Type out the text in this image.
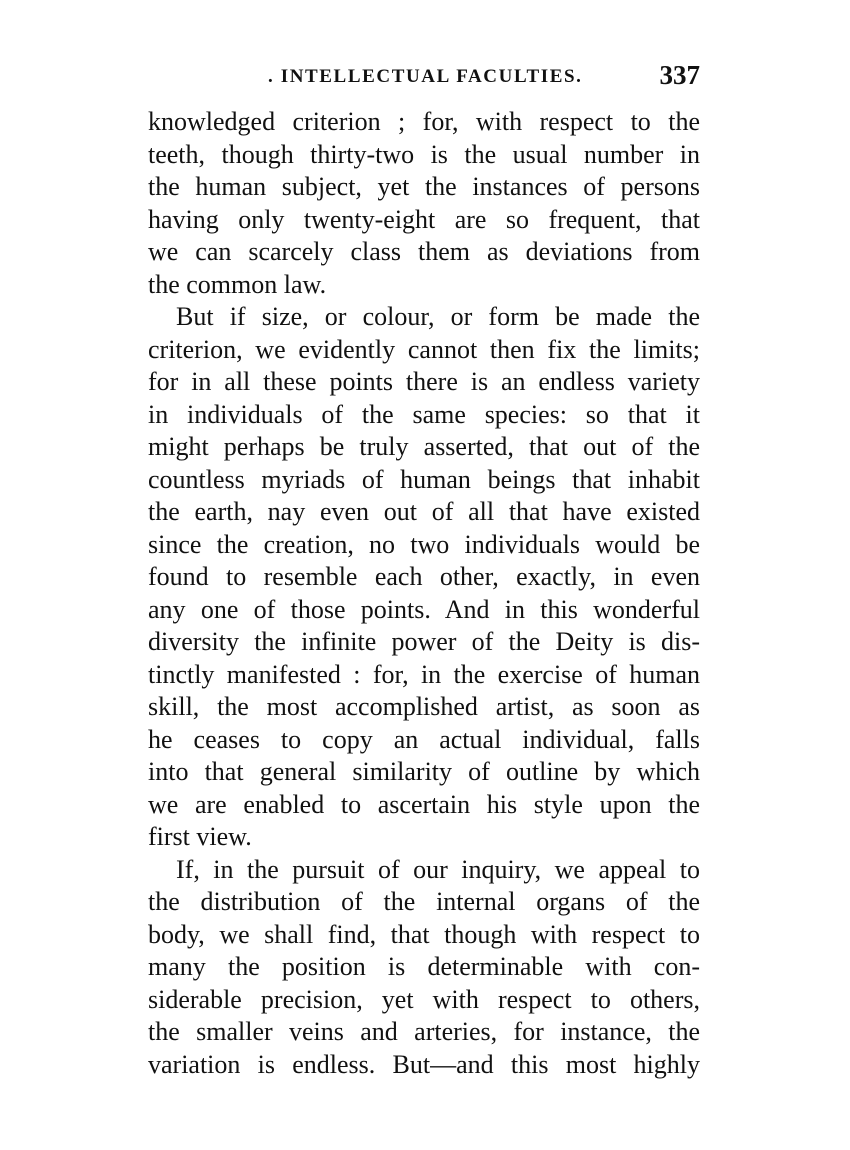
. INTELLECTUAL FACULTIES.	337
knowledged criterion ; for, with respect to the
teeth, though thirty-two is the usual number in
the human subject, yet the instances of persons
having only twenty-eight are so frequent, that
we can scarcely class them as deviations from
the common law.
But if size, or colour, or form be made the
criterion, we evidently cannot then fix the limits;
for in all these points there is an endless variety
in individuals of the same species: so that it
might perhaps be truly asserted, that out of the
countless myriads of human beings that inhabit
the earth, nay even out of all that have existed
since the creation, no two individuals would be
found to resemble each other, exactly, in even
any one of those points. And in this wonderful
diversity the infinite power of the Deity is dis-
tinctly manifested : for, in the exercise of human
skill, the most accomplished artist, as soon as
he ceases to copy an actual individual, falls
into that general similarity of outline by which
we are enabled to ascertain his style upon the
first view.
If, in the pursuit of our inquiry, we appeal to
the distribution of the internal organs of the
body, we shall find, that though with respect to
many the position is determinable with con-
siderable precision, yet with respect to others,
the smaller veins and arteries, for instance, the
variation is endless. But—and this most highly
